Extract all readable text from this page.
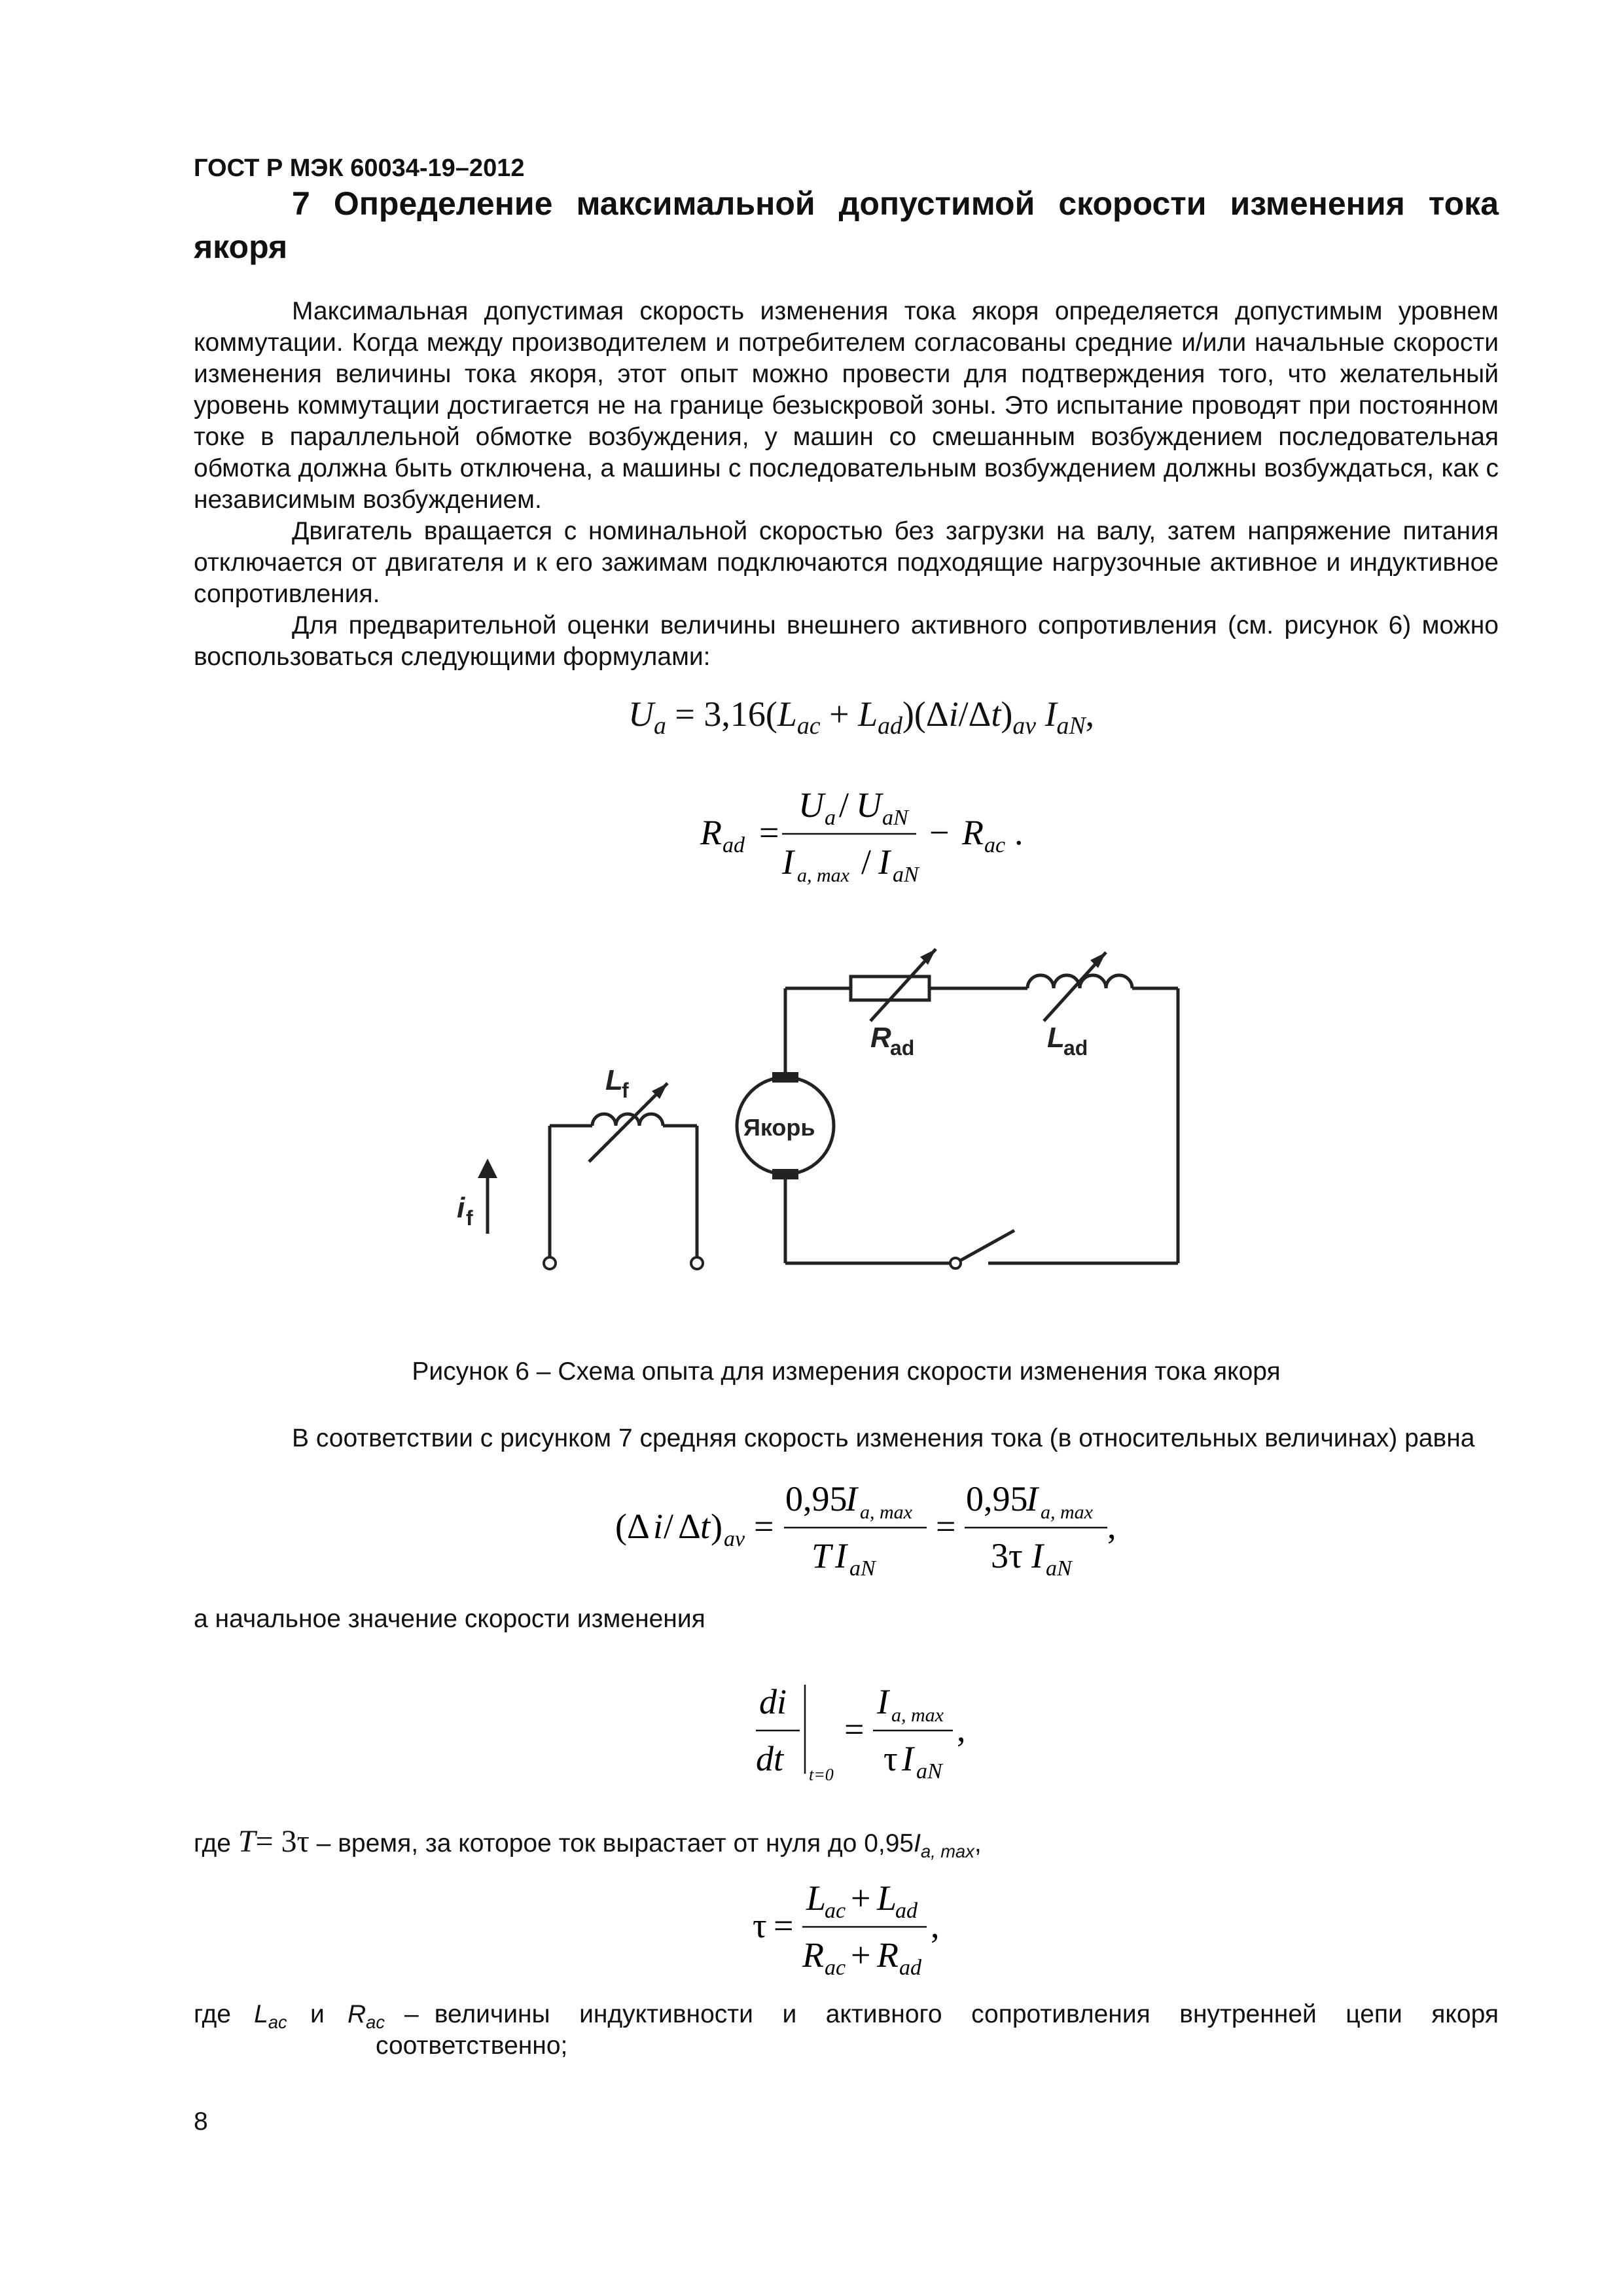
ГОСТ Р МЭК 60034-19–2012
7 Определение максимальной допустимой скорости изменения тока якоря
Максимальная допустимая скорость изменения тока якоря определяется допустимым уровнем коммутации. Когда между производителем и потребителем согласованы средние и/или начальные скорости изменения величины тока якоря, этот опыт можно провести для подтверждения того, что желательный уровень коммутации достигается не на границе безыскровой зоны. Это испытание проводят при постоянном токе в параллельной обмотке возбуждения, у машин со смешанным возбуждением последовательная обмотка должна быть отключена, а машины с последовательным возбуждением должны возбуждаться, как с независимым возбуждением.
Двигатель вращается с номинальной скоростью без загрузки на валу, затем напряжение питания отключается от двигателя и к его зажимам подключаются подходящие нагрузочные активное и индуктивное сопротивления.
Для предварительной оценки величины внешнего активного сопротивления (см. рисунок 6) можно воспользоваться следующими формулами:
$U_a = 3,16(L_{ac} + L_{ad})(\Delta i/\Delta t)_{av}$ $I_{aN}$,
R ad =
U a / U aN
I a, max / I aN
− R ac .
R
ad	L
ad
L
f
i f
Якорь
Рисунок 6 – Схема опыта для измерения скорости изменения тока якоря
В соответствии с рисунком 7 средняя скорость изменения тока (в относительных величинах) равна
(Δ i / Δ t ) av =
0,95
I a, max
T I aN
=
0,95
I a, max
3τ I aN
,
а начальное значение скорости изменения
di
dt t=0
=
I a, max
τ I aN
,
где T= 3τ – время, за которое ток вырастает от нуля до $0,95I_{a, max}$,
τ =
L
ac + L
ad
R ac + R ad
,
где $L_{ac}$ и $R_{ac}$ – величины индуктивности и активного сопротивления внутренней цепи якоря
соответственно;
8
